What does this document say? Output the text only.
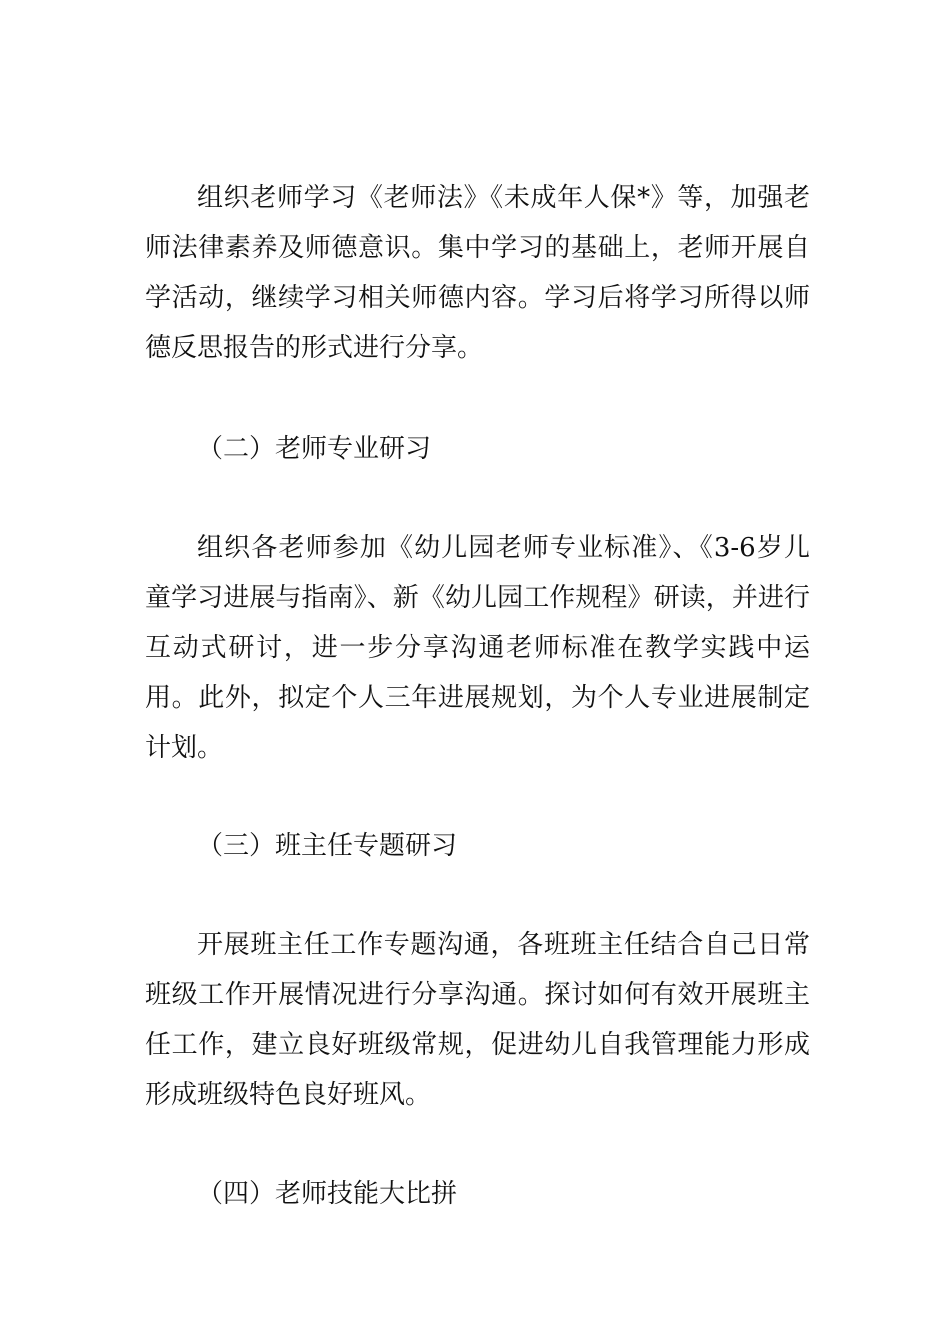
组织老师学习《老师法》《未成年人保*》等，加强老师法律素养及师德意识。集中学习的基础上，老师开展自学活动，继续学习相关师德内容。学习后将学习所得以师德反思报告的形式进行分享。

（二）老师专业研习

组织各老师参加《幼儿园老师专业标准》、《3-6岁儿童学习进展与指南》、新《幼儿园工作规程》研读，并进行互动式研讨，进一步分享沟通老师标准在教学实践中运用。此外，拟定个人三年进展规划，为个人专业进展制定计划。

（三）班主任专题研习

开展班主任工作专题沟通，各班班主任结合自己日常班级工作开展情况进行分享沟通。探讨如何有效开展班主任工作，建立良好班级常规，促进幼儿自我管理能力形成形成班级特色良好班风。

（四）老师技能大比拼
